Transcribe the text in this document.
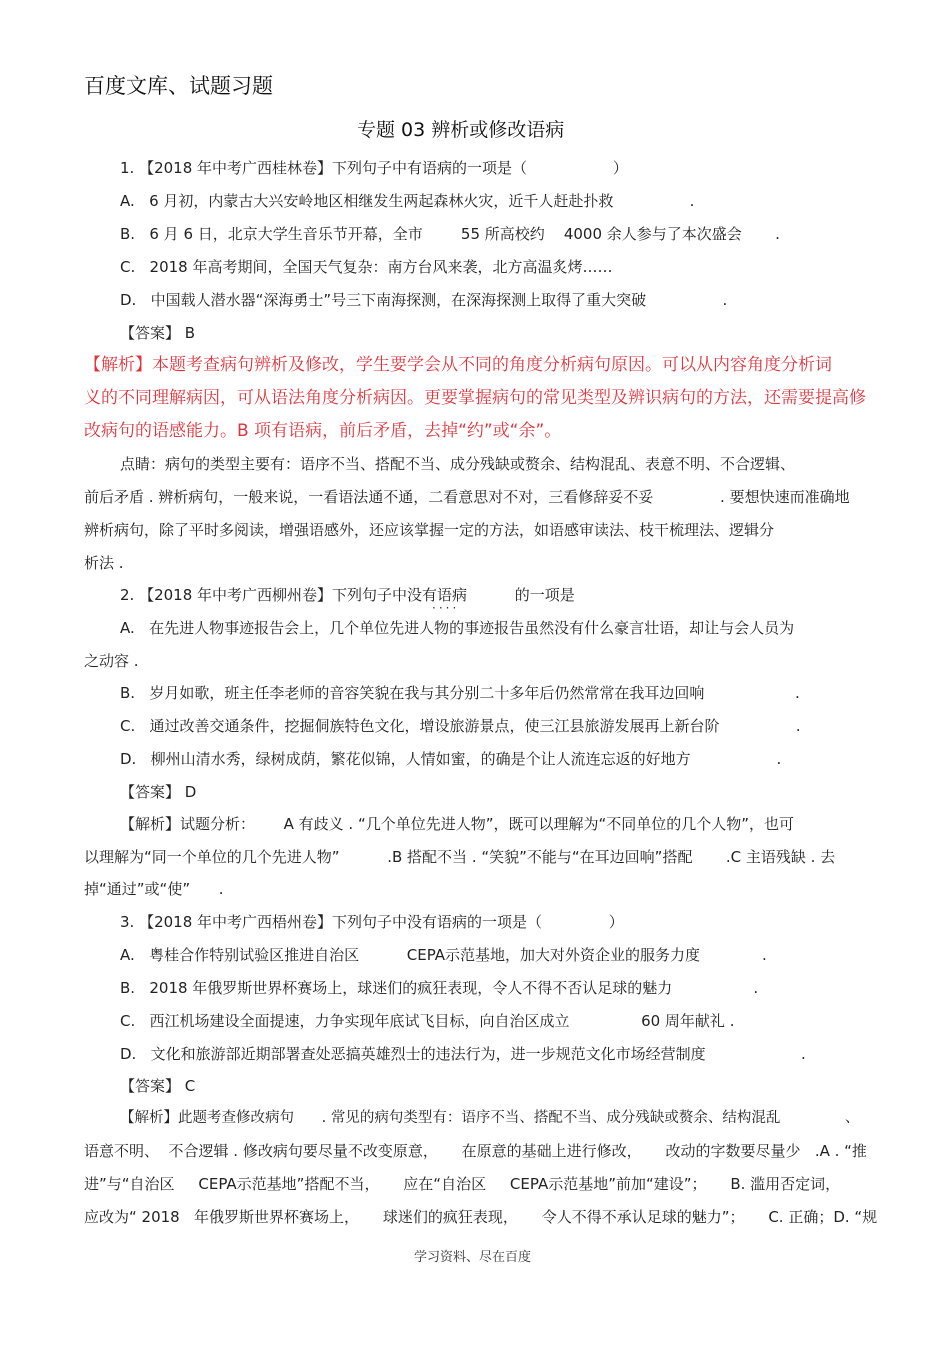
百度文库、试题习题
专题 03 辨析或修改语病
1. 【2018 年中考广西桂林卷】下列句子中有语病的一项是（                  ）
A.   6 月初，内蒙古大兴安岭地区相继发生两起森林火灾，近千人赶赴扑救                .
B.   6 月 6 日，北京大学生音乐节开幕，全市        55 所高校约    4000 余人参与了本次盛会       .
C.   2018 年高考期间，全国天气复杂：南方台风来袭，北方高温炙烤……
D.   中国载人潜水器“深海勇士”号三下南海探测，在深海探测上取得了重大突破                .
【答案】 B
【解析】本题考查病句辨析及修改，学生要学会从不同的角度分析病句原因。可以从内容角度分析词
义的不同理解病因，可从语法角度分析病因。更要掌握病句的常见类型及辨识病句的方法，还需要提高修
改病句的语感能力。B 项有语病，前后矛盾，去掉“约”或“余”。
点睛：病句的类型主要有：语序不当、搭配不当、成分残缺或赘余、结构混乱、表意不明、不合逻辑、
前后矛盾 . 辨析病句，一般来说，一看语法通不通，二看意思对不对，三看修辞妥不妥              . 要想快速而准确地
辨析病句，除了平时多阅读，增强语感外，还应该掌握一定的方法，如语感审读法、枝干梳理法、逻辑分
析法 .
2. 【2018 年中考广西柳州卷】下列句子中没有语病          的一项是
····
A.   在先进人物事迹报告会上，几个单位先进人物的事迹报告虽然没有什么豪言壮语，却让与会人员为
之动容 .
B.   岁月如歌，班主任李老师的音容笑貌在我与其分别二十多年后仍然常常在我耳边回响                   .
C.   通过改善交通条件，挖掘侗族特色文化，增设旅游景点，使三江县旅游发展再上新台阶                .
D.   柳州山清水秀，绿树成荫，繁花似锦，人情如蜜，的确是个让人流连忘返的好地方                  .
【答案】 D
【解析】试题分析：      A 有歧义 . “几个单位先进人物”，既可以理解为“不同单位的几个人物”，也可
以理解为“同一个单位的几个先进人物”          .B 搭配不当 . “笑貌”不能与“在耳边回响”搭配       .C 主语残缺 . 去
掉“通过”或“使”      .
3. 【2018 年中考广西梧州卷】下列句子中没有语病的一项是（              ）
A.   粤桂合作特别试验区推进自治区          CEPA示范基地，加大对外资企业的服务力度             .
B.   2018 年俄罗斯世界杯赛场上，球迷们的疯狂表现，令人不得不否认足球的魅力                 .
C.   西江机场建设全面提速，力争实现年底试飞目标，向自治区成立               60 周年献礼 .
D.   文化和旅游部近期部署查处恶搞英雄烈士的违法行为，进一步规范文化市场经营制度                    .
【答案】 C
【解析】此题考查修改病句      . 常见的病句类型有：语序不当、搭配不当、成分残缺或赘余、结构混乱              、
语意不明、  不合逻辑 . 修改病句要尽量不改变原意，     在原意的基础上进行修改，     改动的字数要尽量少   .A . “推
进”与“自治区     CEPA示范基地”搭配不当，     应在“自治区     CEPA示范基地”前加“建设”；     B. 滥用否定词，
应改为“ 2018   年俄罗斯世界杯赛场上，     球迷们的疯狂表现，     令人不得不承认足球的魅力”；     C. 正确；D. “规
学习资料、尽在百度
